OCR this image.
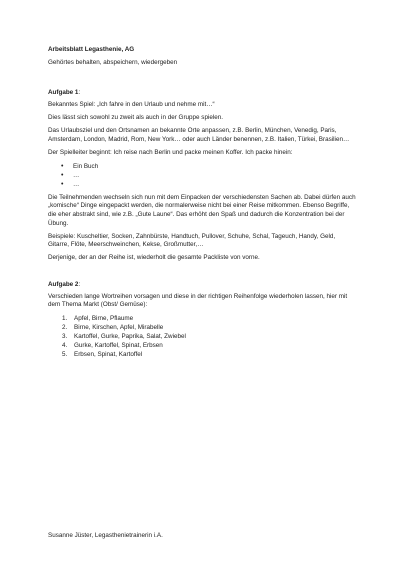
Arbeitsblatt Legasthenie, AG
Gehörtes behalten, abspeichern, wiedergeben
Aufgabe 1:

Bekanntes Spiel: „Ich fahre in den Urlaub und nehme mit…“

Dies lässt sich sowohl zu zweit als auch in der Gruppe spielen.

Das Urlaubsziel und den Ortsnamen an bekannte Orte anpassen, z.B. Berlin, München, Venedig, Paris, Amsterdam, London, Madrid, Rom, New York… oder auch Länder benennen, z.B. Italien, Türkei, Brasilien…

Der Spielleiter beginnt: Ich reise nach Berlin und packe meinen Koffer. Ich packe hinein:

• Ein Buch
• …
• …

Die Teilnehmenden wechseln sich nun mit dem Einpacken der verschiedensten Sachen ab. Dabei dürfen auch „komische“ Dinge eingepackt werden, die normalerweise nicht bei einer Reise mitkommen. Ebenso Begriffe, die eher abstrakt sind, wie z.B. „Gute Laune“. Das erhöht den Spaß und dadurch die Konzentration bei der Übung.

Beispiele: Kuscheltier, Socken, Zahnbürste, Handtuch, Pullover, Schuhe, Schal, Tageuch, Handy, Geld, Gitarre, Flöte, Meerschweinchen, Kekse, Großmutter,…

Derjenige, der an der Reihe ist, wiederholt die gesamte Packliste von vorne.

Aufgabe 2:

Verschieden lange Wortreihen vorsagen und diese in der richtigen Reihenfolge wiederholen lassen, hier mit dem Thema Markt (Obst/ Gemüse):

1. Apfel, Birne, Pflaume
2. Birne, Kirschen, Apfel, Mirabelle
3. Kartoffel, Gurke, Paprika, Salat, Zwiebel
4. Gurke, Kartoffel, Spinat, Erbsen
5. Erbsen, Spinat, Kartoffel
Susanne Jüster, Legasthenietrainerin i.A.
